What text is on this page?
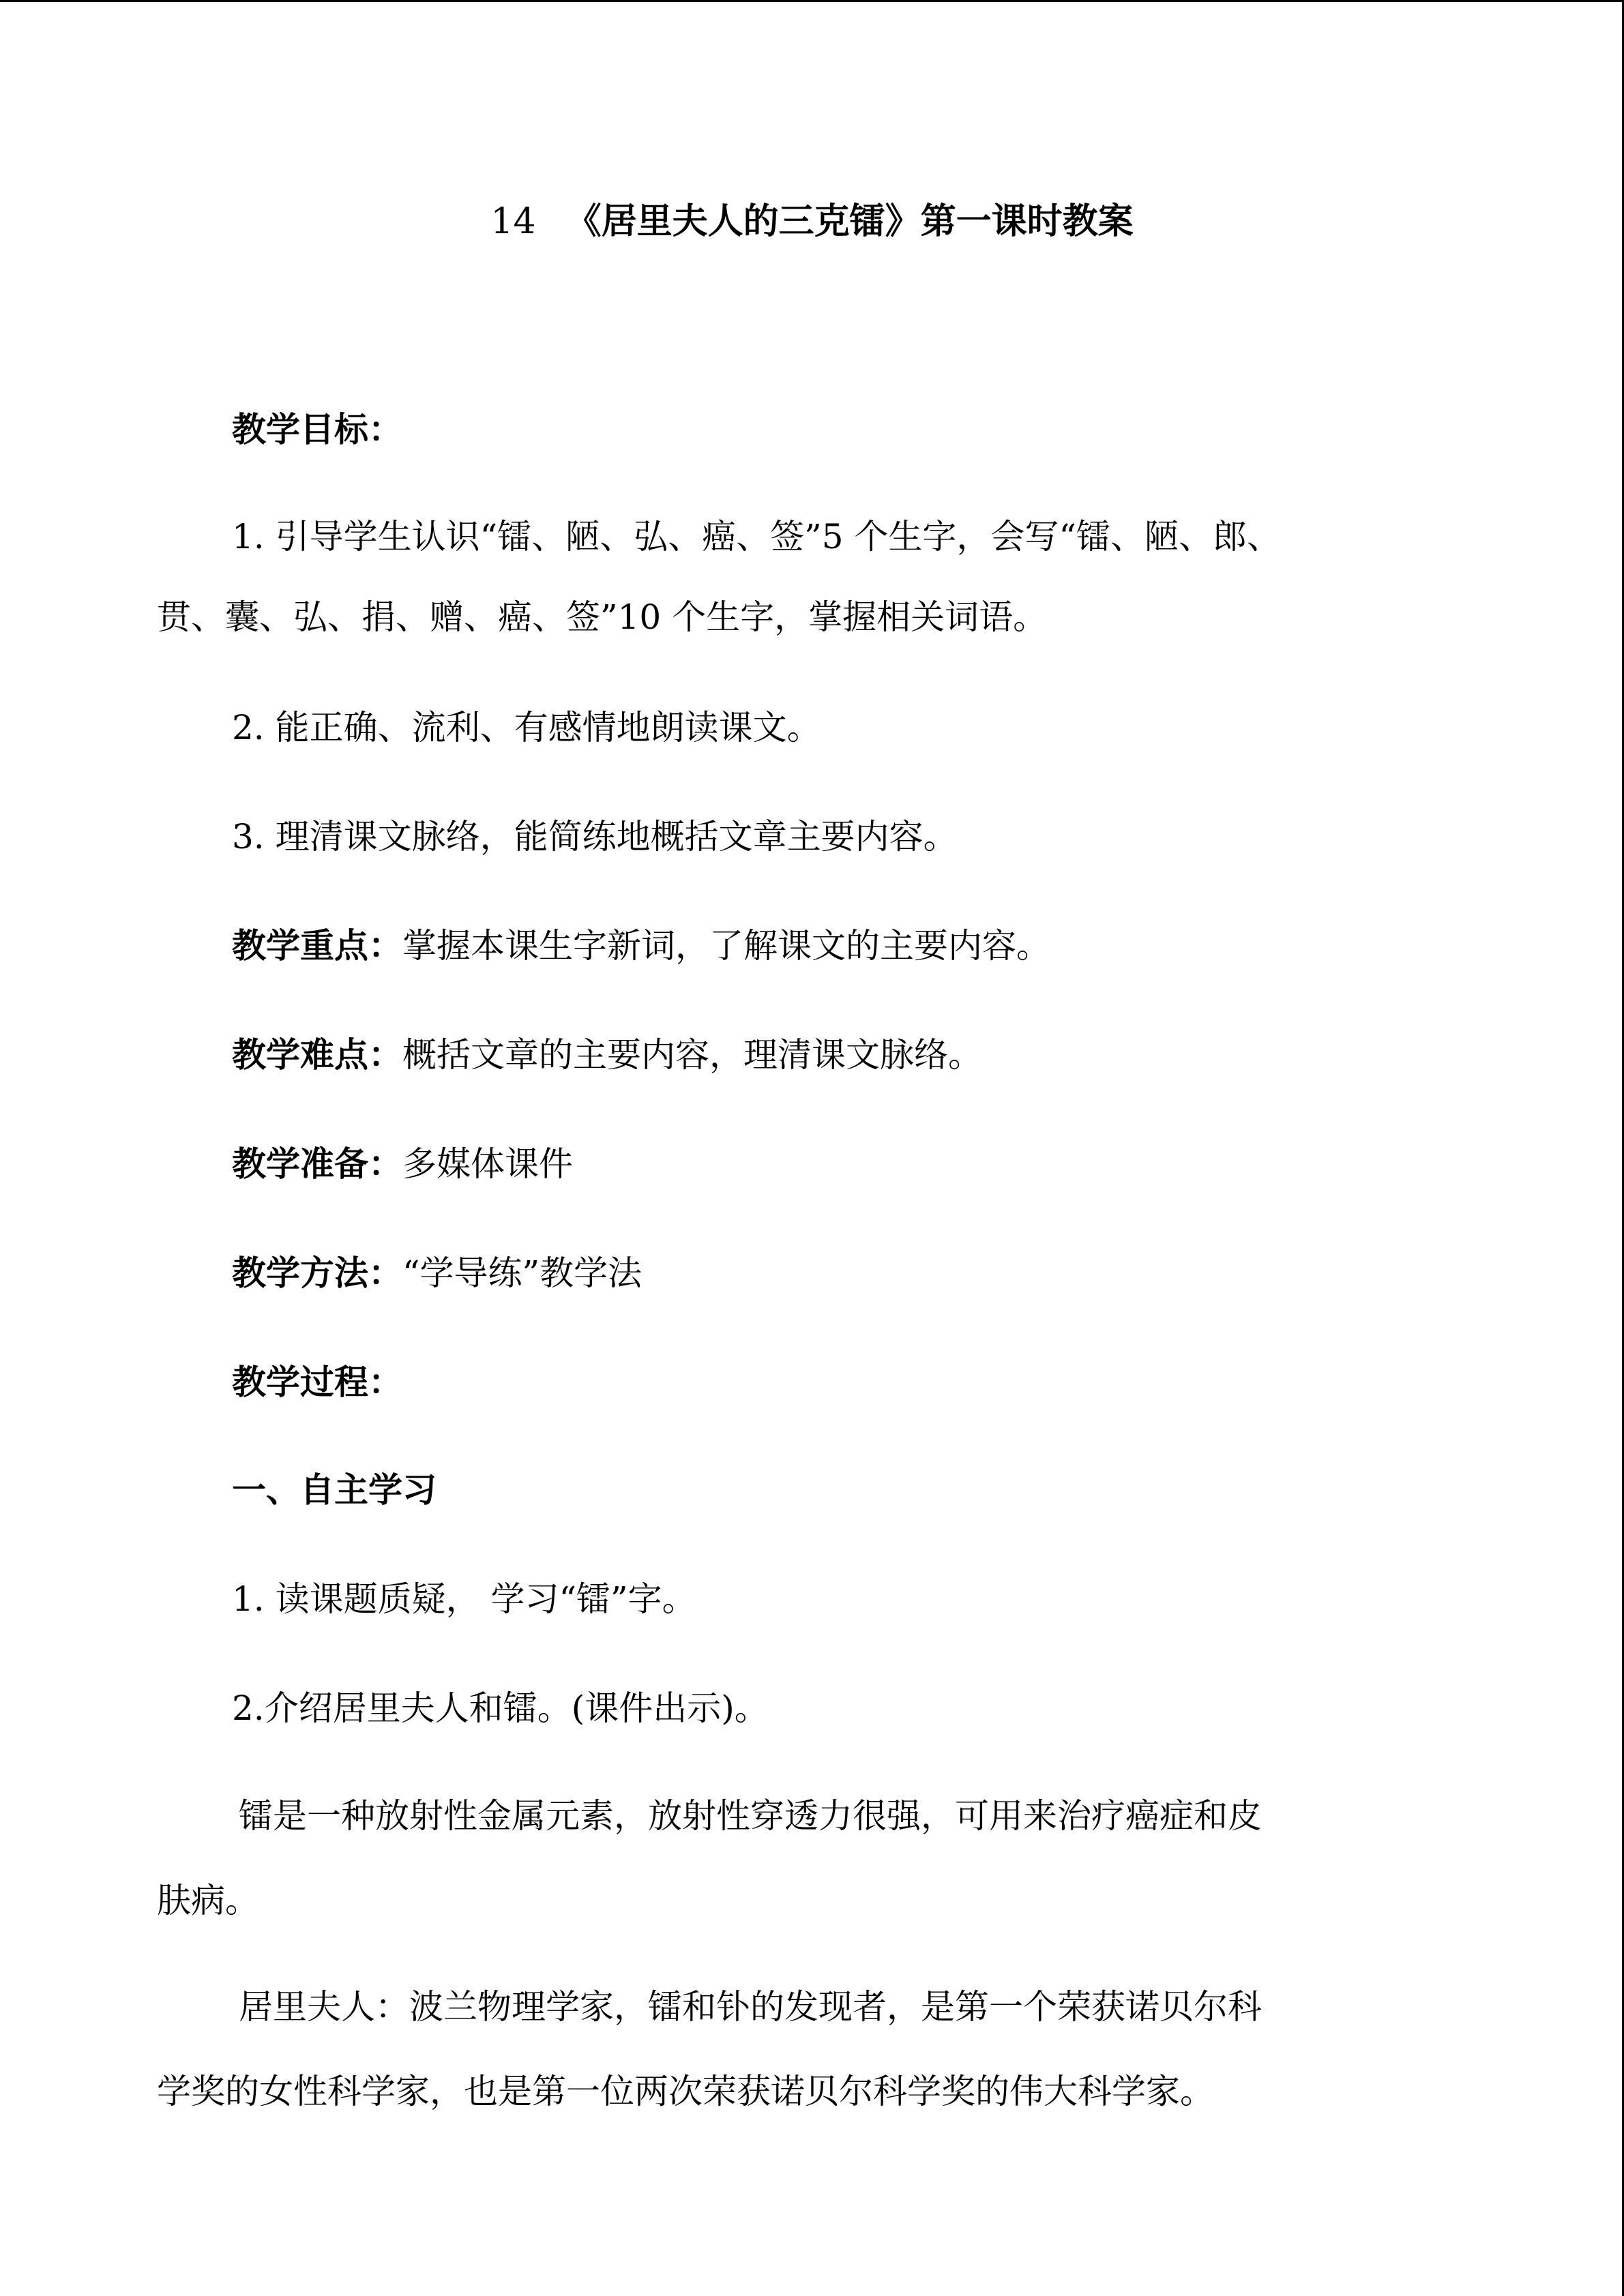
14 《居里夫人的三克镭》第一课时教案
教学目标：
1. 引导学生认识“镭、陋、弘、癌、签”5 个生字，会写“镭、陋、郎、
贯、囊、弘、捐、赠、癌、签”10 个生字，掌握相关词语。
2. 能正确、流利、有感情地朗读课文。
3. 理清课文脉络，能简练地概括文章主要内容。
教学重点：掌握本课生字新词，了解课文的主要内容。
教学难点：概括文章的主要内容，理清课文脉络。
教学准备：多媒体课件
教学方法：“学导练”教学法
教学过程：
一、自主学习
1. 读课题质疑， 学习“镭”字。
2.介绍居里夫人和镭。(课件出示)。
镭是一种放射性金属元素，放射性穿透力很强，可用来治疗癌症和皮
肤病。
居里夫人：波兰物理学家，镭和钋的发现者，是第一个荣获诺贝尔科
学奖的女性科学家，也是第一位两次荣获诺贝尔科学奖的伟大科学家。
